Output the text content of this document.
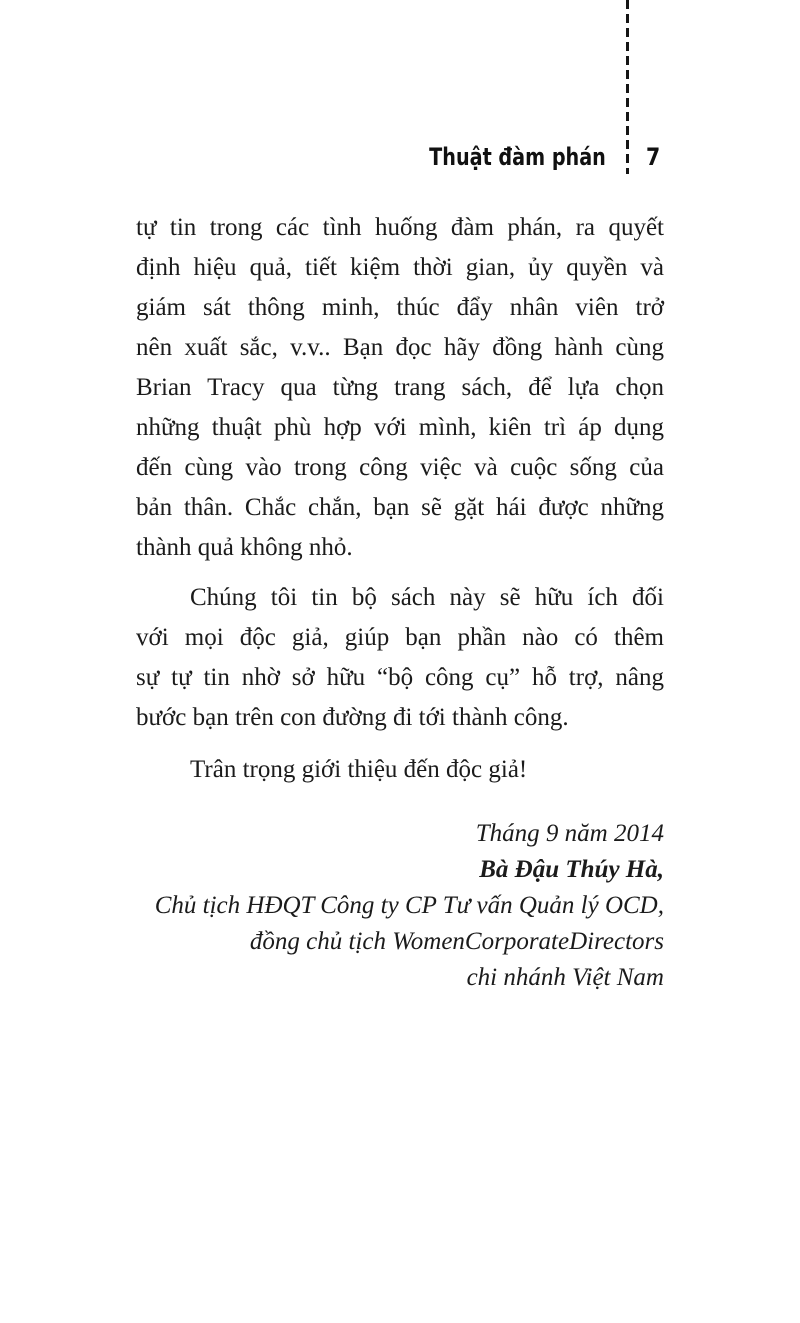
Thuật đàm phán 7
tự tin trong các tình huống đàm phán, ra quyết
định hiệu quả, tiết kiệm thời gian, ủy quyền và
giám sát thông minh, thúc đẩy nhân viên trở
nên xuất sắc, v.v.. Bạn đọc hãy đồng hành cùng
Brian Tracy qua từng trang sách, để lựa chọn
những thuật phù hợp với mình, kiên trì áp dụng
đến cùng vào trong công việc và cuộc sống của
bản thân. Chắc chắn, bạn sẽ gặt hái được những
thành quả không nhỏ.
Chúng tôi tin bộ sách này sẽ hữu ích đối
với mọi độc giả, giúp bạn phần nào có thêm
sự tự tin nhờ sở hữu “bộ công cụ” hỗ trợ, nâng
bước bạn trên con đường đi tới thành công.
Trân trọng giới thiệu đến độc giả!
Tháng 9 năm 2014
Bà Đậu Thúy Hà,
Chủ tịch HĐQT Công ty CP Tư vấn Quản lý OCD,
đồng chủ tịch WomenCorporateDirectors
chi nhánh Việt Nam
